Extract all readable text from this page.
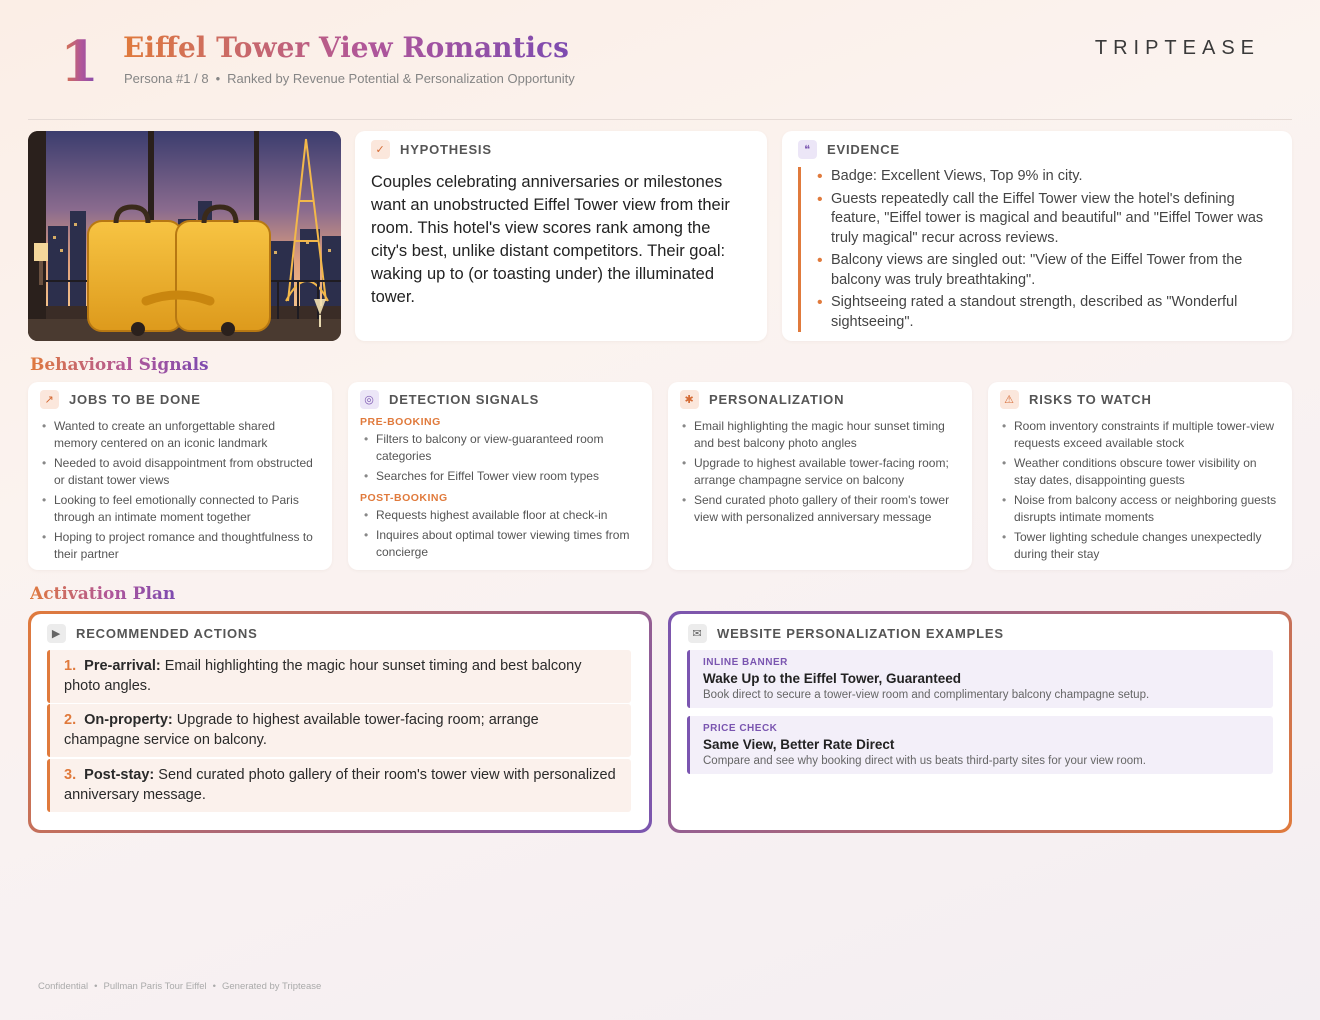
1 Eiffel Tower View Romantics
Persona #1 / 8 • Ranked by Revenue Potential & Personalization Opportunity
TRIPTEASE
✓	HYPOTHESIS
Couples celebrating anniversaries or milestones want an unobstructed Eiffel Tower view from their room. This hotel's view scores rank among the city's best, unlike distant competitors. Their goal: waking up to (or toasting under) the illuminated tower.
❝	EVIDENCE
• Badge: Excellent Views, Top 9% in city.
• Guests repeatedly call the Eiffel Tower view the hotel's defining feature, "Eiffel tower is magical and beautiful" and "Eiffel Tower was truly magical" recur across reviews.
• Balcony views are singled out: "View of the Eiffel Tower from the balcony was truly breathtaking".
• Sightseeing rated a standout strength, described as "Wonderful sightseeing".
Behavioral Signals
↗	JOBS TO BE DONE
• Wanted to create an unforgettable shared memory centered on an iconic landmark
• Needed to avoid disappointment from obstructed or distant tower views
• Looking to feel emotionally connected to Paris through an intimate moment together
• Hoping to project romance and thoughtfulness to their partner
◎	DETECTION SIGNALS
PRE-BOOKING
• Filters to balcony or view-guaranteed room categories
• Searches for Eiffel Tower view room types
POST-BOOKING
• Requests highest available floor at check-in
• Inquires about optimal tower viewing times from concierge
✱	PERSONALIZATION
• Email highlighting the magic hour sunset timing and best balcony photo angles
• Upgrade to highest available tower-facing room; arrange champagne service on balcony
• Send curated photo gallery of their room's tower view with personalized anniversary message
⚠	RISKS TO WATCH
• Room inventory constraints if multiple tower-view requests exceed available stock
• Weather conditions obscure tower visibility on stay dates, disappointing guests
• Noise from balcony access or neighboring guests disrupts intimate moments
• Tower lighting schedule changes unexpectedly during their stay
Activation Plan
▶	RECOMMENDED ACTIONS
1. Pre-arrival: Email highlighting the magic hour sunset timing and best balcony photo angles.
2. On-property: Upgrade to highest available tower-facing room; arrange champagne service on balcony.
3. Post-stay: Send curated photo gallery of their room's tower view with personalized anniversary message.
✉	WEBSITE PERSONALIZATION EXAMPLES
INLINE BANNER
Wake Up to the Eiffel Tower, Guaranteed
Book direct to secure a tower-view room and complimentary balcony champagne setup.
PRICE CHECK
Same View, Better Rate Direct
Compare and see why booking direct with us beats third-party sites for your view room.
Confidential • Pullman Paris Tour Eiffel • Generated by Triptease
